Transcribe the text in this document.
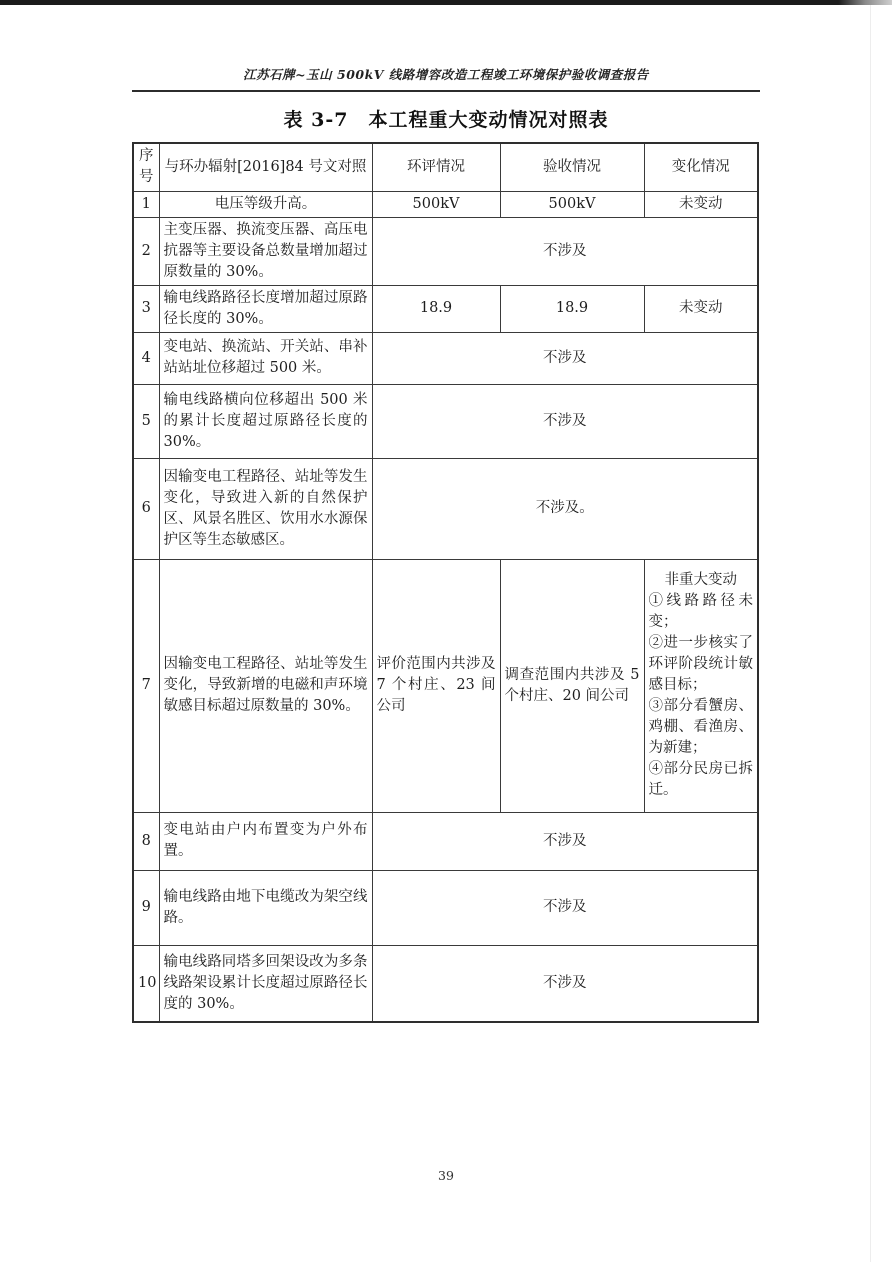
江苏石牌~玉山 500kV 线路增容改造工程竣工环境保护验收调查报告
表 3-7　本工程重大变动情况对照表
序号	与环办辐射[2016]84 号文对照	环评情况	验收情况	变化情况
1	电压等级升高。	500kV	500kV	未变动
2	主变压器、换流变压器、高压电抗器等主要设备总数量增加超过原数量的 30%。	不涉及		
3	输电线路路径长度增加超过原路径长度的 30%。	18.9	18.9	未变动
4	变电站、换流站、开关站、串补站站址位移超过 500 米。	不涉及		
5	输电线路横向位移超出 500 米的累计长度超过原路径长度的 30%。	不涉及		
6	因输变电工程路径、站址等发生变化，导致进入新的自然保护区、风景名胜区、饮用水水源保护区等生态敏感区。	不涉及。		
7	因输变电工程路径、站址等发生变化，导致新增的电磁和声环境敏感目标超过原数量的 30%。	评价范围内共涉及 7 个村庄、23 间公司	调查范围内共涉及 5 个村庄、20 间公司	非重大变动
①线路路径未变；
②进一步核实了环评阶段统计敏感目标；
③部分看蟹房、鸡棚、看渔房、为新建；
④部分民房已拆迁。

8	变电站由户内布置变为户外布置。	不涉及		
9	输电线路由地下电缆改为架空线路。	不涉及		
10	输电线路同塔多回架设改为多条线路架设累计长度超过原路径长度的 30%。	不涉及		
39
